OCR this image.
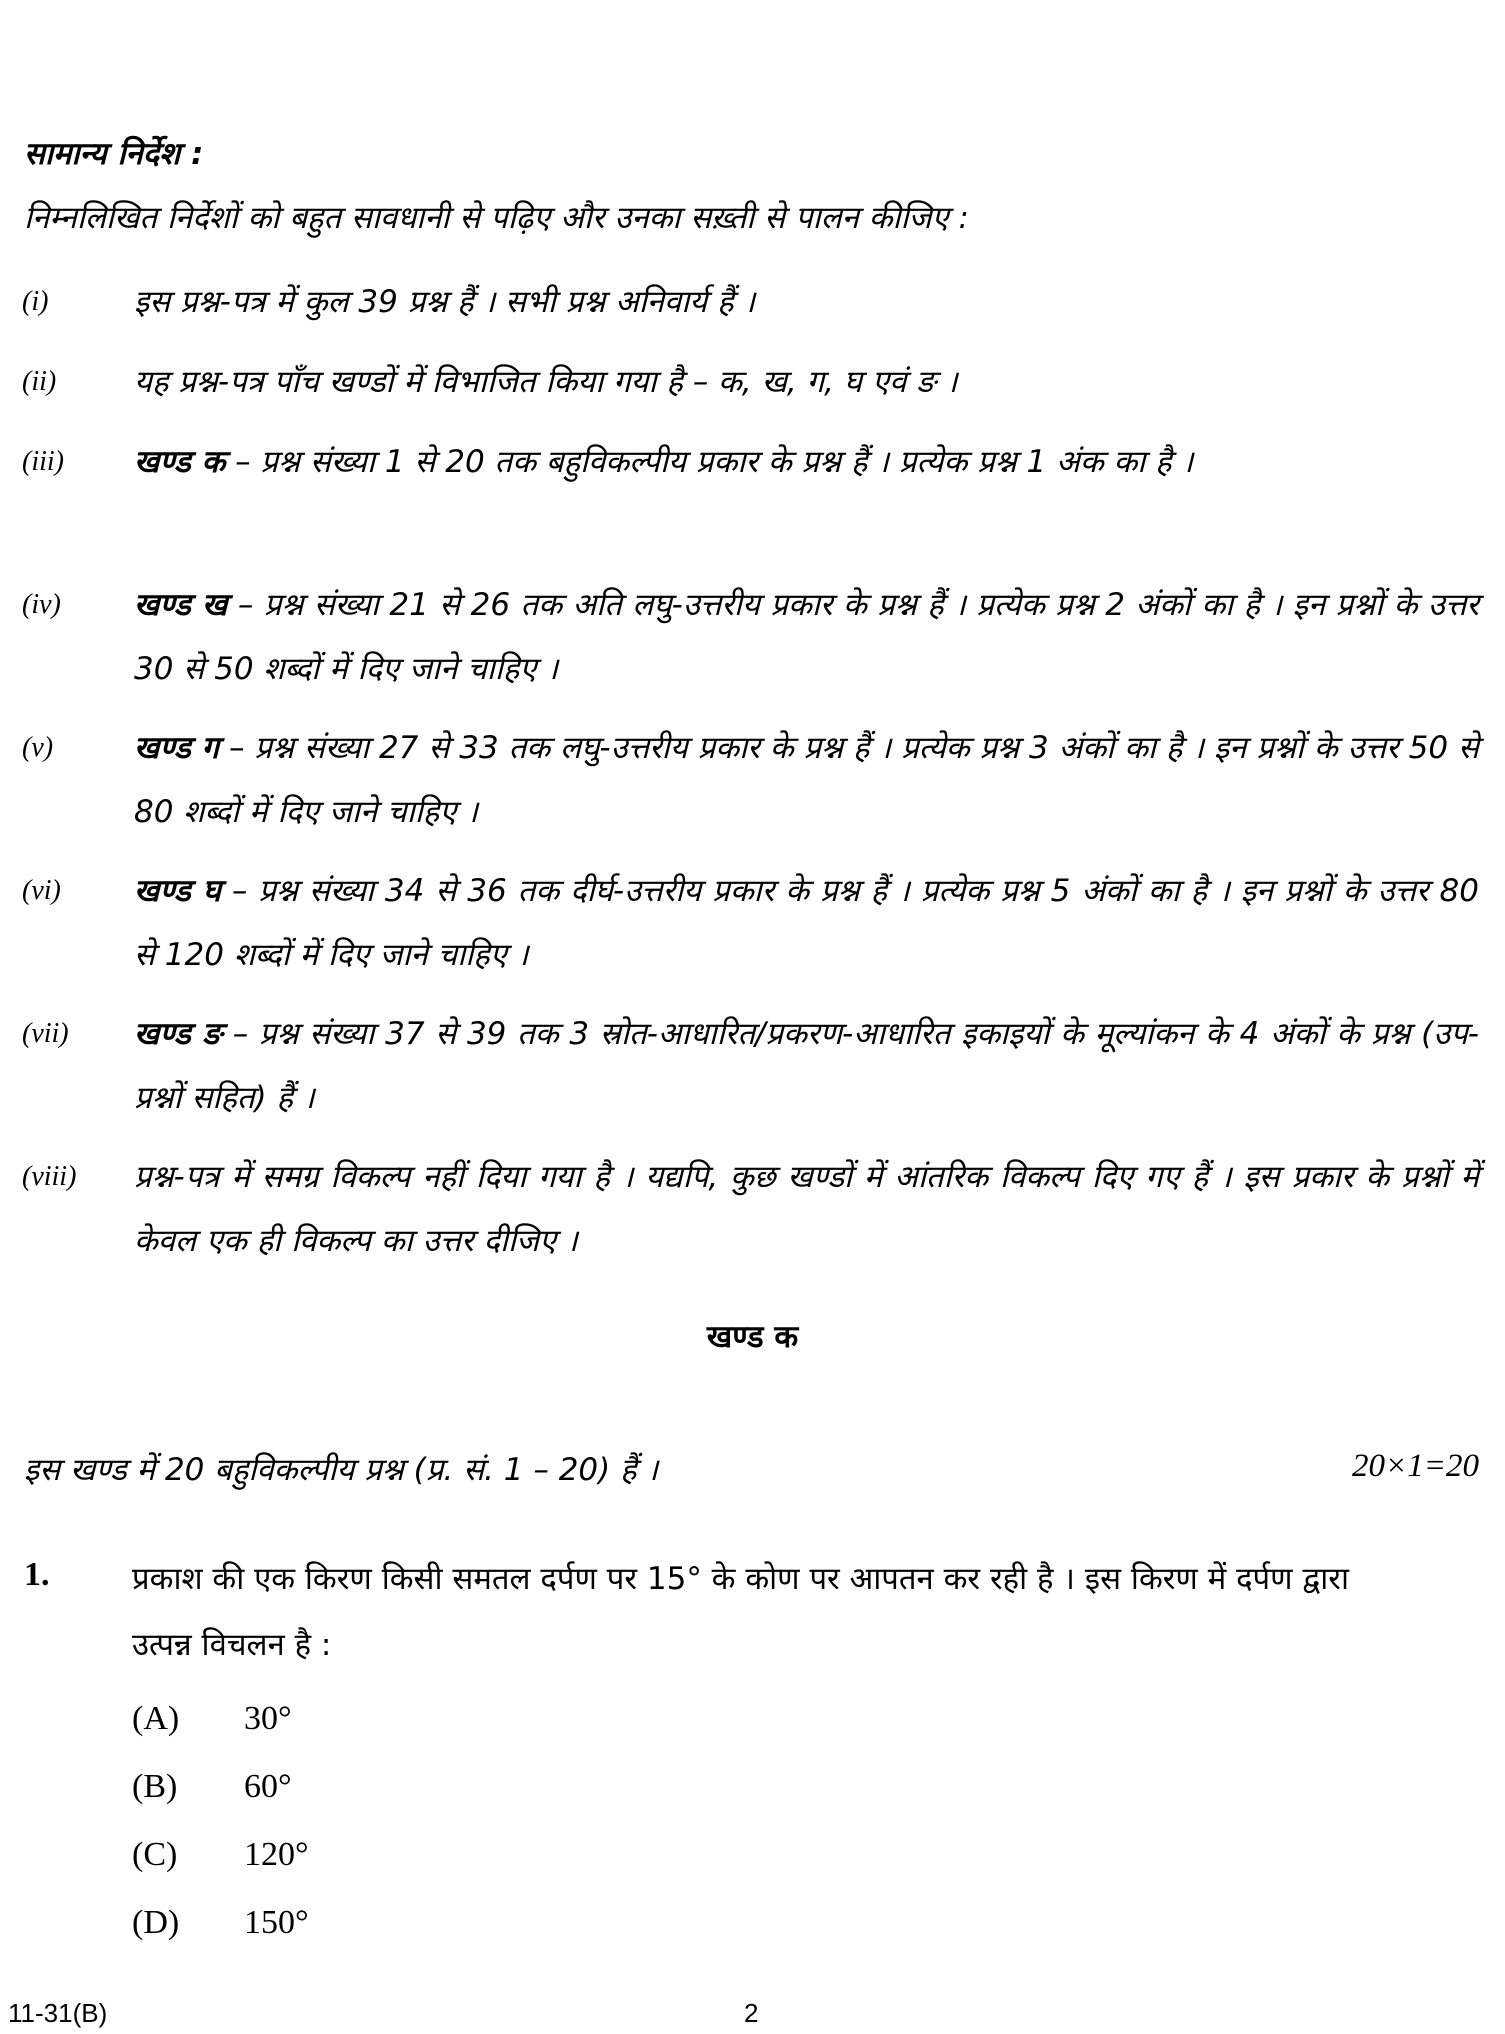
सामान्य निर्देश :
निम्नलिखित निर्देशों को बहुत सावधानी से पढ़िए और उनका सख़्ती से पालन कीजिए :
(i)	इस प्रश्न-पत्र में कुल 39 प्रश्न हैं । सभी प्रश्न अनिवार्य हैं ।
(ii)	यह प्रश्न-पत्र पाँच खण्डों में विभाजित किया गया है – क, ख, ग, घ एवं ङ ।
(iii) खण्ड क – प्रश्न संख्या 1 से 20 तक बहुविकल्पीय प्रकार के प्रश्न हैं । प्रत्येक प्रश्न 1 अंक का है ।
(iv) खण्ड ख – प्रश्न संख्या 21 से 26 तक अति लघु-उत्तरीय प्रकार के प्रश्न हैं । प्रत्येक प्रश्न 2 अंकों का है । इन प्रश्नों के उत्तर 30 से 50 शब्दों में दिए जाने चाहिए ।
(v)	खण्ड ग – प्रश्न संख्या 27 से 33 तक लघु-उत्तरीय प्रकार के प्रश्न हैं । प्रत्येक प्रश्न 3 अंकों का है । इन प्रश्नों के उत्तर 50 से 80 शब्दों में दिए जाने चाहिए ।
(vi) खण्ड घ – प्रश्न संख्या 34 से 36 तक दीर्घ-उत्तरीय प्रकार के प्रश्न हैं । प्रत्येक प्रश्न 5 अंकों का है । इन प्रश्नों के उत्तर 80 से 120 शब्दों में दिए जाने चाहिए ।
(vii) खण्ड ङ – प्रश्न संख्या 37 से 39 तक 3 स्रोत-आधारित/प्रकरण-आधारित इकाइयों के मूल्यांकन के 4 अंकों के प्रश्न (उप-प्रश्नों सहित) हैं ।
(viii) प्रश्न-पत्र में समग्र विकल्प नहीं दिया गया है । यद्यपि, कुछ खण्डों में आंतरिक विकल्प दिए गए हैं । इस प्रकार के प्रश्नों में केवल एक ही विकल्प का उत्तर दीजिए ।
खण्ड क
इस खण्ड में 20 बहुविकल्पीय प्रश्न (प्र. सं. 1 – 20) हैं ।	20×1=20
1.	प्रकाश की एक किरण किसी समतल दर्पण पर 15° के कोण पर आपतन कर रही है । इस किरण में दर्पण द्वारा उत्पन्न विचलन है :
(A) 30°
(B) 60°
(C) 120°
(D) 150°
11-31(B)	2
